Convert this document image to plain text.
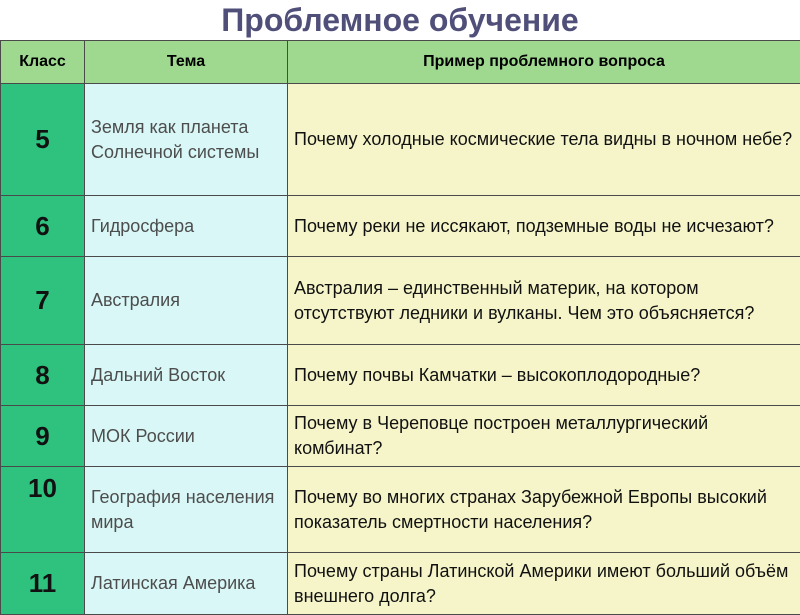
Проблемное обучение
Класс	Тема	Пример проблемного вопроса
5	Земля как планета Солнечной системы	Почему холодные космические тела видны в ночном небе?
6	Гидросфера	Почему реки не иссякают, подземные воды не исчезают?
7	Австралия	Австралия – единственный материк, на котором отсутствуют ледники и вулканы. Чем это объясняется?
8	Дальний Восток	Почему почвы Камчатки – высокоплодородные?
9	МОК России	Почему в Череповце построен металлургический комбинат?
10	География населения мира	Почему во многих странах Зарубежной Европы высокий показатель смертности населения?
11	Латинская Америка	Почему страны Латинской Америки имеют больший объём внешнего долга?
